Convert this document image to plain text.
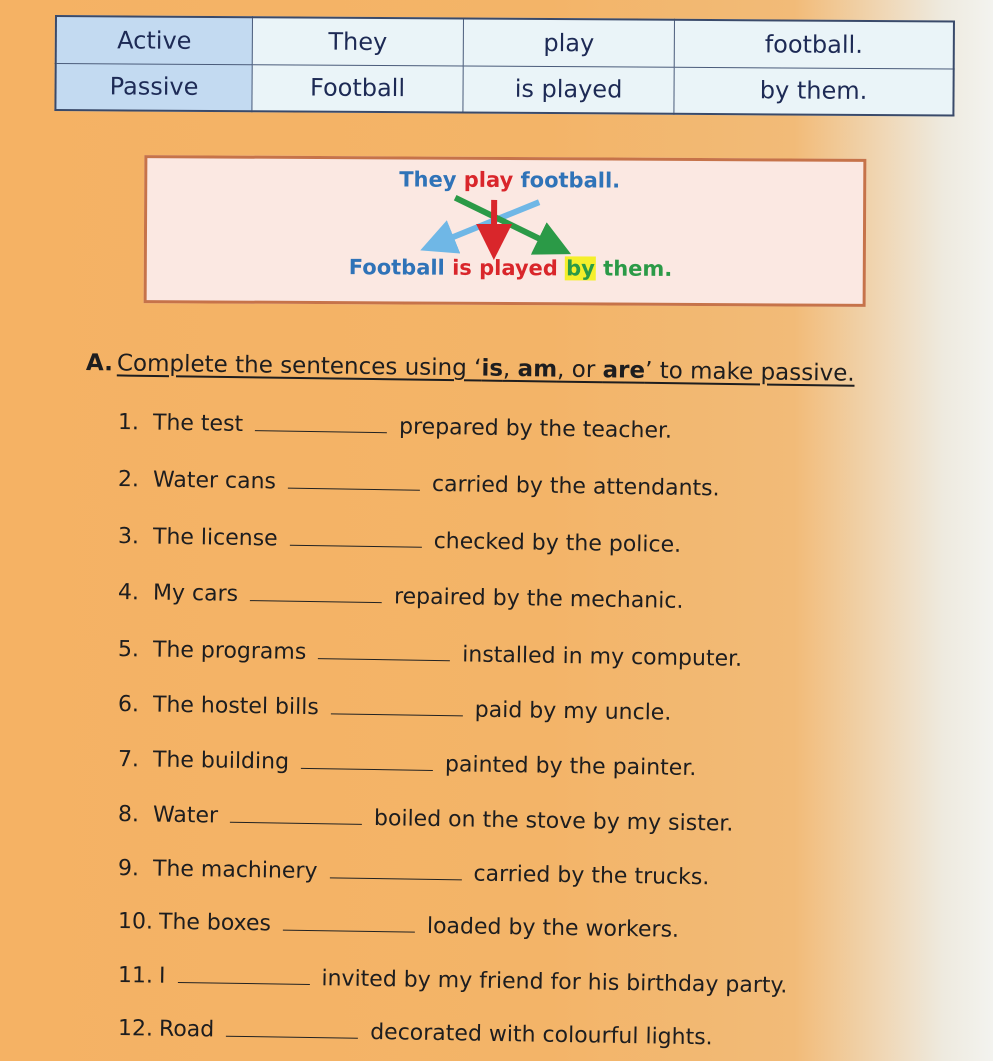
Active	They	play	football.
Passive	Football	is played	by them.
They play football.
Football is played by them.
A. Complete the sentences using ‘is, am, or are’ to make passive.
1. The test	prepared by the teacher.
2. Water cans	carried by the attendants.
3. The license	checked by the police.
4. My cars	repaired by the mechanic.
5. The programs	installed in my computer.
6. The hostel bills	paid by my uncle.
7. The building	painted by the painter.
8. Water	boiled on the stove by my sister.
9. The machinery	carried by the trucks.
10. The boxes	loaded by the workers.
11. I	invited by my friend for his birthday party.
12. Road	decorated with colourful lights.
